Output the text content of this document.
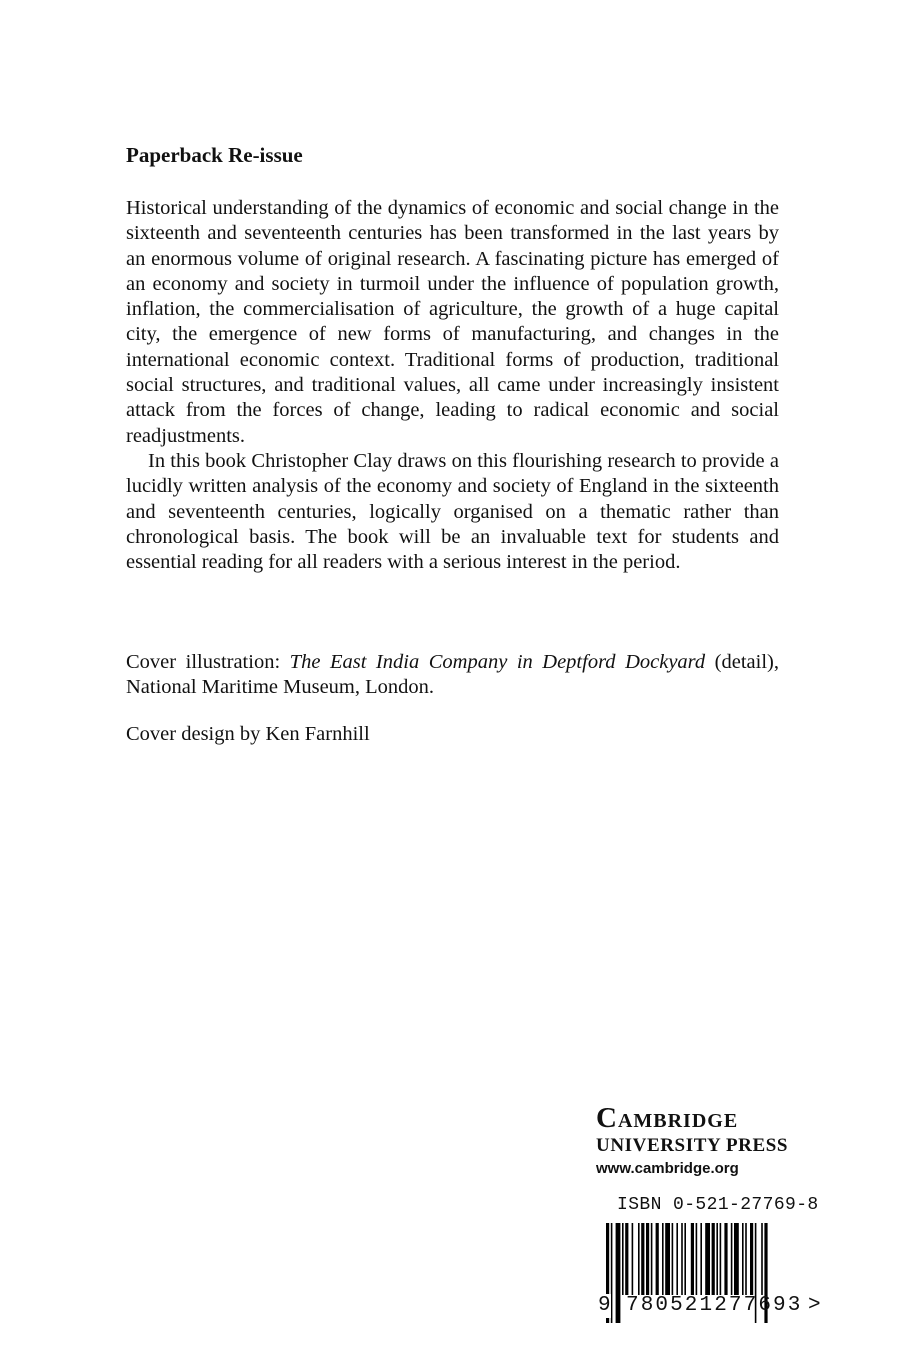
Paperback Re-issue

Historical understanding of the dynamics of economic and social change in the sixteenth and seventeenth centuries has been transformed in the last years by an enormous volume of original research. A fascinating picture has emerged of an economy and society in turmoil under the influence of population growth, inflation, the commercialisation of agriculture, the growth of a huge capital city, the emergence of new forms of manufacturing, and changes in the international economic context. Traditional forms of production, traditional social structures, and traditional values, all came under increasingly insistent attack from the forces of change, leading to radical economic and social readjustments.

In this book Christopher Clay draws on this flourishing research to provide a lucidly written analysis of the economy and society of England in the sixteenth and seventeenth centuries, logically organised on a thematic rather than chronological basis. The book will be an invaluable text for students and essential reading for all readers with a serious interest in the period.

Cover illustration: The East India Company in Deptford Dockyard (detail), National Maritime Museum, London.

Cover design by Ken Farnhill

Cambridge
UNIVERSITY PRESS
www.cambridge.org
ISBN 0-521-27769-8
9 780521277693 >
